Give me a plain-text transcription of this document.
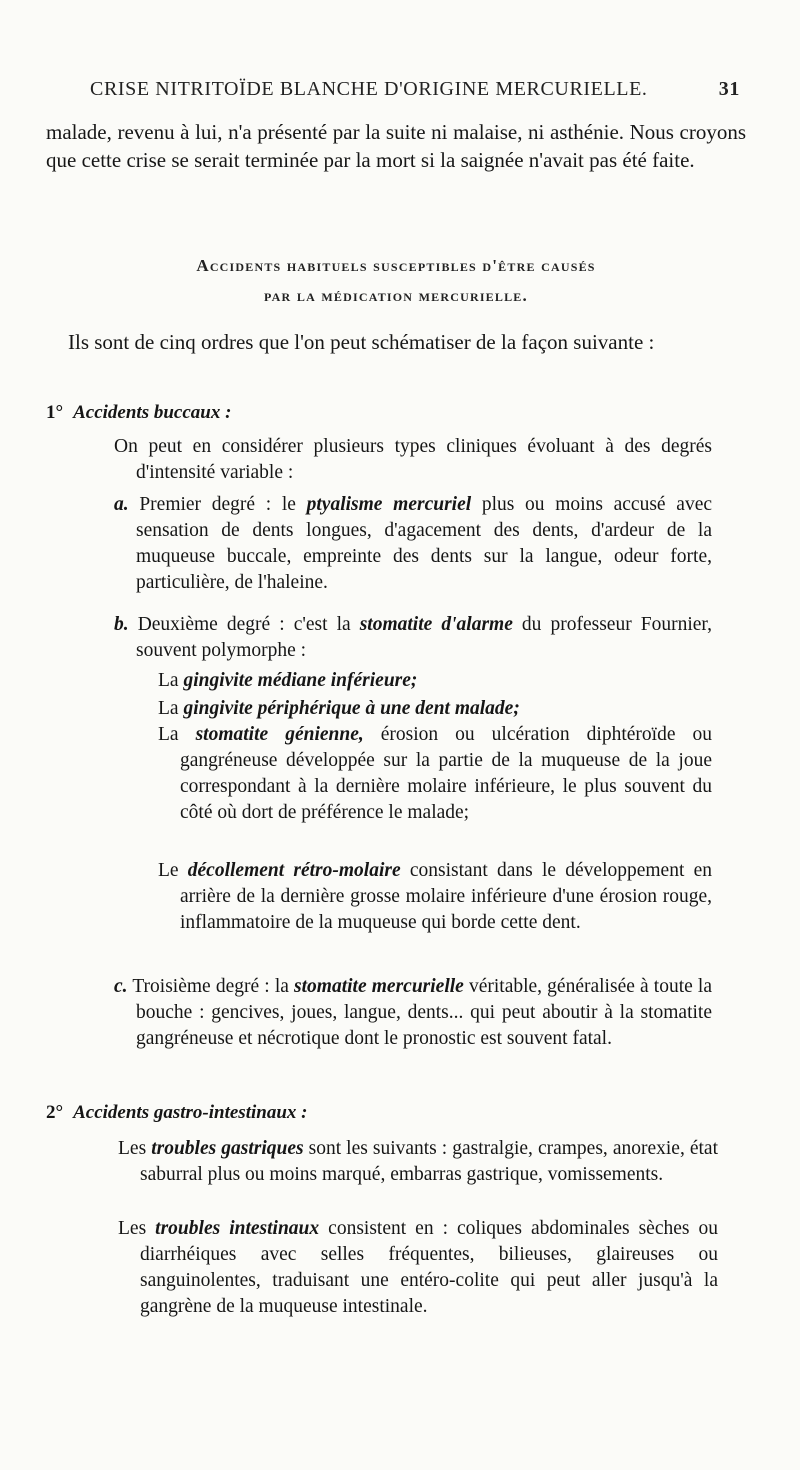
CRISE NITRITOÏDE BLANCHE D'ORIGINE MERCURIELLE.	31
malade, revenu à lui, n'a présenté par la suite ni malaise, ni asthénie. Nous croyons que cette crise se serait terminée par la mort si la saignée n'avait pas été faite.
Accidents habituels susceptibles d'être causés
par la médication mercurielle.
Ils sont de cinq ordres que l'on peut schématiser de la façon suivante :
1° Accidents buccaux :
On peut en considérer plusieurs types cliniques évoluant à des degrés d'intensité variable :
a. Premier degré : le ptyalisme mercuriel plus ou moins accusé avec sensation de dents longues, d'agacement des dents, d'ardeur de la muqueuse buccale, empreinte des dents sur la langue, odeur forte, particulière, de l'haleine.
b. Deuxième degré : c'est la stomatite d'alarme du professeur Fournier, souvent polymorphe :
La gingivite médiane inférieure;
La gingivite périphérique à une dent malade;
La stomatite génienne, érosion ou ulcération diphtéroïde ou gangréneuse développée sur la partie de la muqueuse de la joue correspondant à la dernière molaire inférieure, le plus souvent du côté où dort de préférence le malade;
Le décollement rétro-molaire consistant dans le développement en arrière de la dernière grosse molaire inférieure d'une érosion rouge, inflammatoire de la muqueuse qui borde cette dent.
c. Troisième degré : la stomatite mercurielle véritable, généralisée à toute la bouche : gencives, joues, langue, dents... qui peut aboutir à la stomatite gangréneuse et nécrotique dont le pronostic est souvent fatal.
2° Accidents gastro-intestinaux :
Les troubles gastriques sont les suivants : gastralgie, crampes, anorexie, état saburral plus ou moins marqué, embarras gastrique, vomissements.
Les troubles intestinaux consistent en : coliques abdominales sèches ou diarrhéiques avec selles fréquentes, bilieuses, glaireuses ou sanguinolentes, traduisant une entéro-colite qui peut aller jusqu'à la gangrène de la muqueuse intestinale.
